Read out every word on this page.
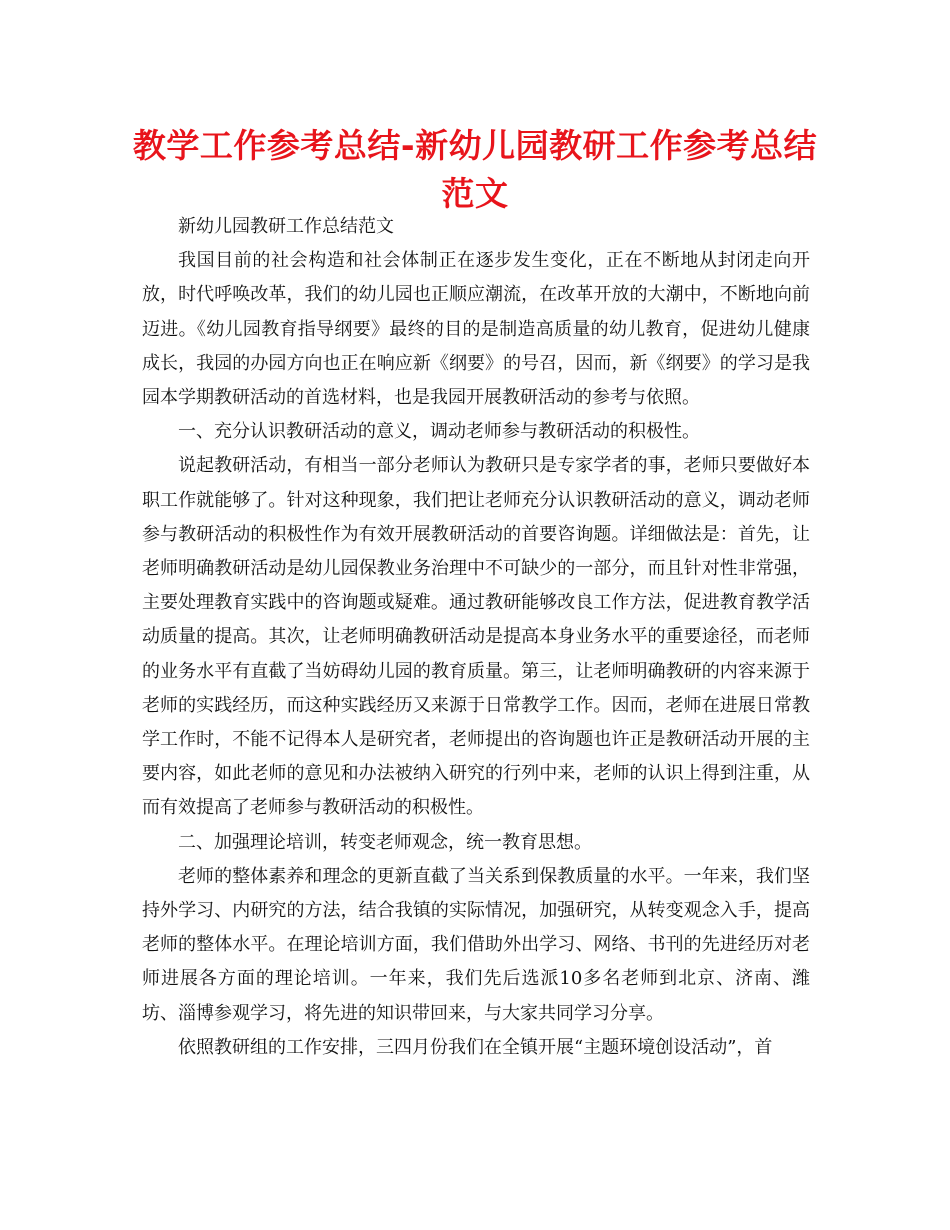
教学工作参考总结-新幼儿园教研工作参考总结范文

新幼儿园教研工作总结范文

我国目前的社会构造和社会体制正在逐步发生变化，正在不断地从封闭走向开放，时代呼唤改革，我们的幼儿园也正顺应潮流，在改革开放的大潮中，不断地向前迈进。《幼儿园教育指导纲要》最终的目的是制造高质量的幼儿教育，促进幼儿健康成长，我园的办园方向也正在响应新《纲要》的号召，因而，新《纲要》的学习是我园本学期教研活动的首选材料，也是我园开展教研活动的参考与依照。

一、充分认识教研活动的意义，调动老师参与教研活动的积极性。

说起教研活动，有相当一部分老师认为教研只是专家学者的事，老师只要做好本职工作就能够了。针对这种现象，我们把让老师充分认识教研活动的意义，调动老师参与教研活动的积极性作为有效开展教研活动的首要咨询题。详细做法是：首先，让老师明确教研活动是幼儿园保教业务治理中不可缺少的一部分，而且针对性非常强，主要处理教育实践中的咨询题或疑难。通过教研能够改良工作方法，促进教育教学活动质量的提高。其次，让老师明确教研活动是提高本身业务水平的重要途径，而老师的业务水平有直截了当妨碍幼儿园的教育质量。第三，让老师明确教研的内容来源于老师的实践经历，而这种实践经历又来源于日常教学工作。因而，老师在进展日常教学工作时，不能不记得本人是研究者，老师提出的咨询题也许正是教研活动开展的主要内容，如此老师的意见和办法被纳入研究的行列中来，老师的认识上得到注重，从而有效提高了老师参与教研活动的积极性。

二、加强理论培训，转变老师观念，统一教育思想。

老师的整体素养和理念的更新直截了当关系到保教质量的水平。一年来，我们坚持外学习、内研究的方法，结合我镇的实际情况，加强研究，从转变观念入手，提高老师的整体水平。在理论培训方面，我们借助外出学习、网络、书刊的先进经历对老师进展各方面的理论培训。一年来，我们先后选派10多名老师到北京、济南、潍坊、淄博参观学习，将先进的知识带回来，与大家共同学习分享。

依照教研组的工作安排，三四月份我们在全镇开展“主题环境创设活动”，首
